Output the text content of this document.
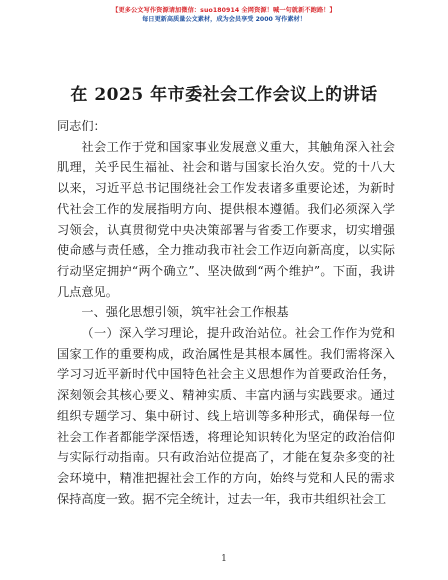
【更多公文写作资源请加微信：suo180914 全网资源！喊一句就新不跑路！】
每日更新高质量公文素材，成为会员享受 2000 写作素材！
在 2025 年市委社会工作会议上的讲话

同志们：

社会工作于党和国家事业发展意义重大，其触角深入社会肌理，关乎民生福祉、社会和谐与国家长治久安。党的十八大以来，习近平总书记围绕社会工作发表诸多重要论述，为新时代社会工作的发展指明方向、提供根本遵循。我们必须深入学习领会，认真贯彻党中央决策部署与省委工作要求，切实增强使命感与责任感，全力推动我市社会工作迈向新高度，以实际行动坚定拥护“两个确立”、坚决做到“两个维护”。下面，我讲几点意见。

一、强化思想引领，筑牢社会工作根基

（一）深入学习理论，提升政治站位。社会工作作为党和国家工作的重要构成，政治属性是其根本属性。我们需将深入学习习近平新时代中国特色社会主义思想作为首要政治任务，深刻领会其核心要义、精神实质、丰富内涵与实践要求。通过组织专题学习、集中研讨、线上培训等多种形式，确保每一位社会工作者都能学深悟透，将理论知识转化为坚定的政治信仰与实际行动指南。只有政治站位提高了，才能在复杂多变的社会环境中，精准把握社会工作的方向，始终与党和人民的需求保持高度一致。据不完全统计，过去一年，我市共组织社会工

1
